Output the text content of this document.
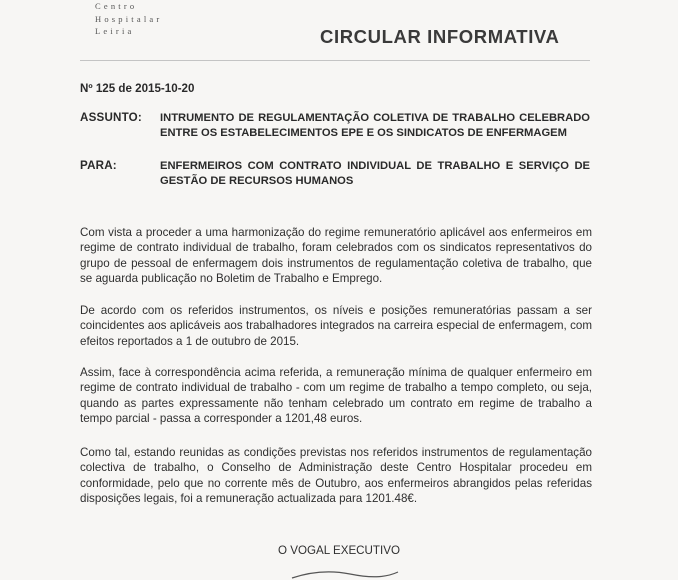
Centro
Hospitalar
Leiria	CIRCULAR INFORMATIVA
Nº 125 de 2015-10-20
ASSUNTO: INTRUMENTO DE REGULAMENTAÇÃO COLETIVA DE TRABALHO CELEBRADO ENTRE OS ESTABELECIMENTOS EPE E OS SINDICATOS DE ENFERMAGEM
PARA:	ENFERMEIROS COM CONTRATO INDIVIDUAL DE TRABALHO E SERVIÇO DE GESTÃO DE RECURSOS HUMANOS
Com vista a proceder a uma harmonização do regime remuneratório aplicável aos enfermeiros em regime de contrato individual de trabalho, foram celebrados com os sindicatos representativos do grupo de pessoal de enfermagem dois instrumentos de regulamentação coletiva de trabalho, que se aguarda publicação no Boletim de Trabalho e Emprego.
De acordo com os referidos instrumentos, os níveis e posições remuneratórias passam a ser coincidentes aos aplicáveis aos trabalhadores integrados na carreira especial de enfermagem, com efeitos reportados a 1 de outubro de 2015.
Assim, face à correspondência acima referida, a remuneração mínima de qualquer enfermeiro em regime de contrato individual de trabalho - com um regime de trabalho a tempo completo, ou seja, quando as partes expressamente não tenham celebrado um contrato em regime de trabalho a tempo parcial - passa a corresponder a 1201,48 euros.
Como tal, estando reunidas as condições previstas nos referidos instrumentos de regulamentação colectiva de trabalho, o Conselho de Administração deste Centro Hospitalar procedeu em conformidade, pelo que no corrente mês de Outubro, aos enfermeiros abrangidos pelas referidas disposições legais, foi a remuneração actualizada para 1201.48€.
O VOGAL EXECUTIVO
